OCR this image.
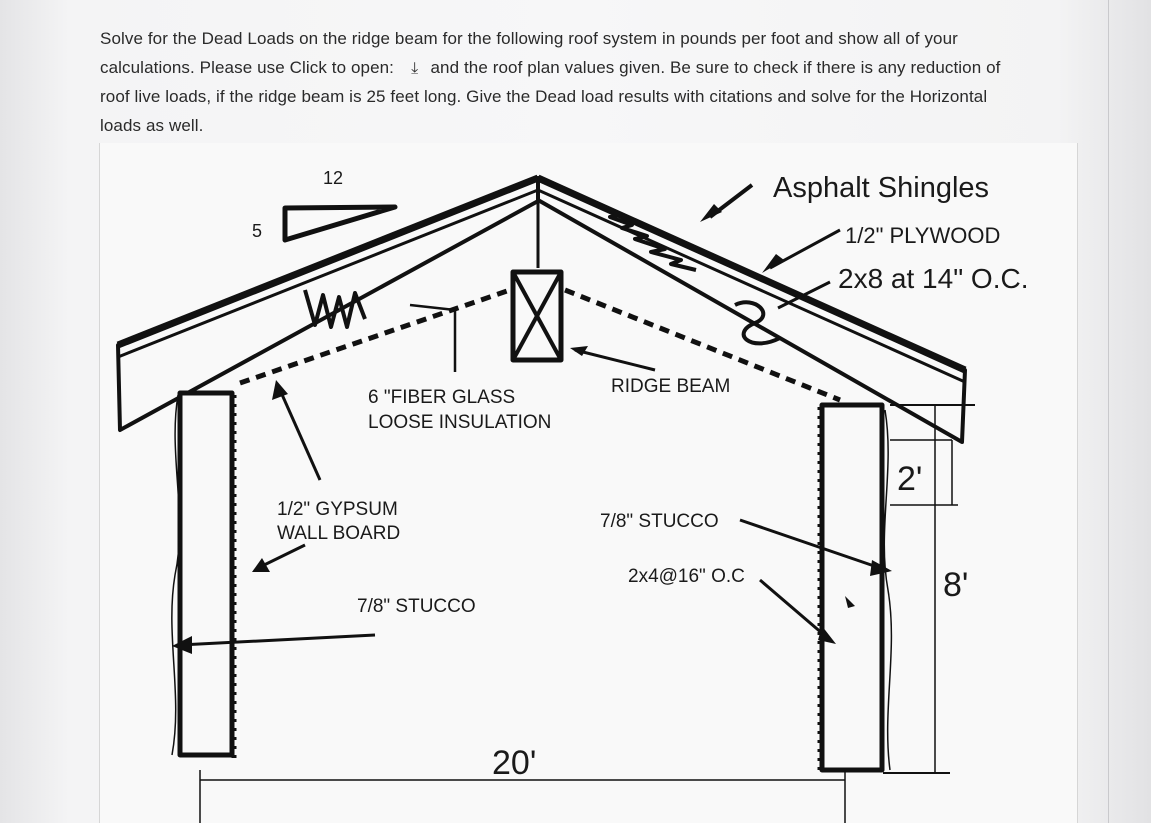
Solve for the Dead Loads on the ridge beam for the following roof system in pounds per foot and show all of your

calculations. Please use Click to open: ⤓ and the roof plan values given. Be sure to check if there is any reduction of

roof live loads, if the ridge beam is 25 feet long. Give the Dead load results with citations and solve for the Horizontal

loads as well.

12
5
Asphalt Shingles
1/2" PLYWOOD
2x8 at 14" O.C.
RIDGE BEAM
6 "FIBER GLASS
LOOSE INSULATION
1/2" GYPSUM
WALL BOARD
7/8" STUCCO
2x4@16" O.C
7/8" STUCCO
2'
8'
20'
